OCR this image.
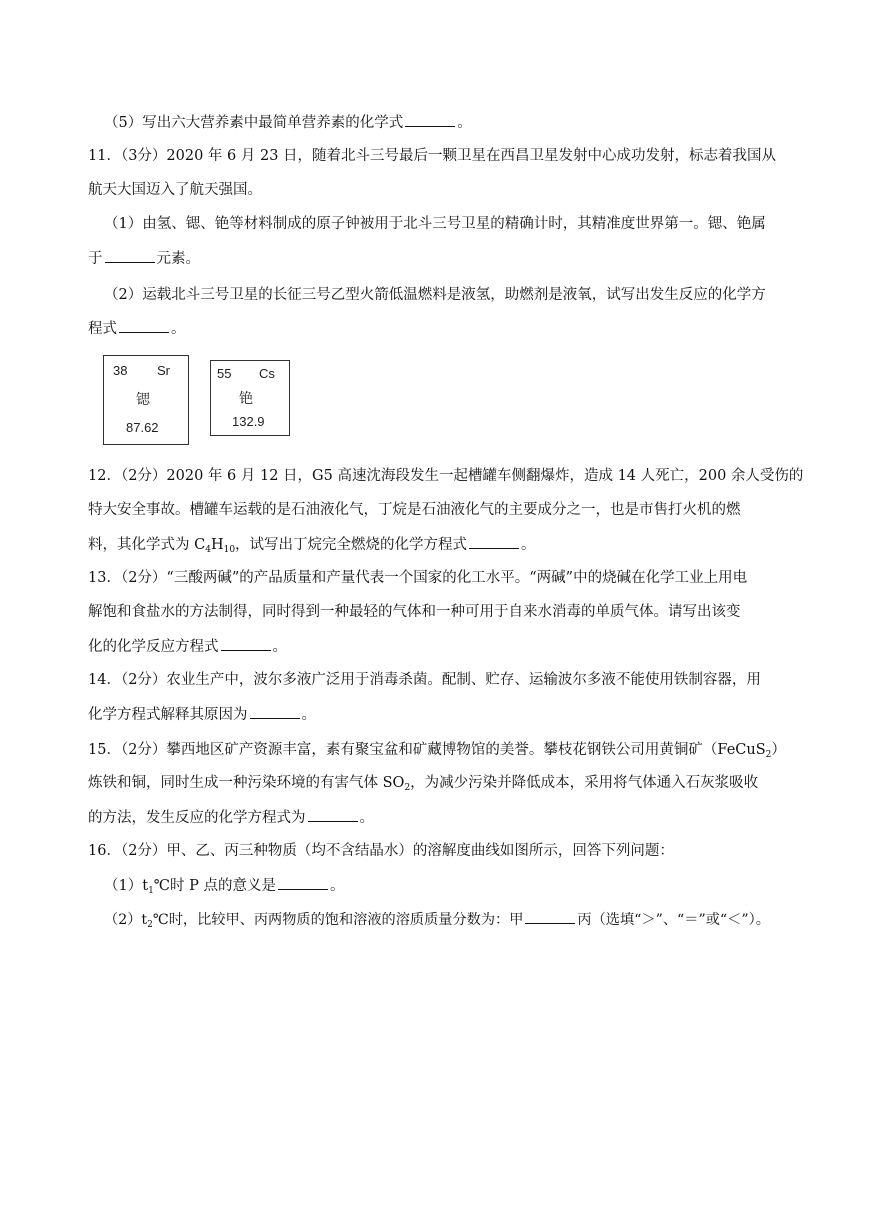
（5）写出六大营养素中最简单营养素的化学式	。
11．（3分）2020 年 6 月 23 日，随着北斗三号最后一颗卫星在西昌卫星发射中心成功发射，标志着我国从
航天大国迈入了航天强国。
（1）由氢、锶、铯等材料制成的原子钟被用于北斗三号卫星的精确计时，其精准度世界第一。锶、铯属
于	元素。
（2）运载北斗三号卫星的长征三号乙型火箭低温燃料是液氢，助燃剂是液氧，试写出发生反应的化学方
程式	。
38 Sr
锶
87.62
55 Cs
铯
132.9
12．（2分）2020 年 6 月 12 日，G5 高速沈海段发生一起槽罐车侧翻爆炸，造成 14 人死亡，200 余人受伤的
特大安全事故。槽罐车运载的是石油液化气，丁烷是石油液化气的主要成分之一，也是市售打火机的燃
料，其化学式为 $C_4H_{10}$，试写出丁烷完全燃烧的化学方程式	。
13．（2分）“三酸两碱”的产品质量和产量代表一个国家的化工水平。“两碱”中的烧碱在化学工业上用电
解饱和食盐水的方法制得，同时得到一种最轻的气体和一种可用于自来水消毒的单质气体。请写出该变
化的化学反应方程式	。
14．（2分）农业生产中，波尔多液广泛用于消毒杀菌。配制、贮存、运输波尔多液不能使用铁制容器，用
化学方程式解释其原因为	。
15．（2分）攀西地区矿产资源丰富，素有聚宝盆和矿藏博物馆的美誉。攀枝花钢铁公司用黄铜矿（FeCuS$_2$）
炼铁和铜，同时生成一种污染环境的有害气体 $SO_2$，为减少污染并降低成本，采用将气体通入石灰浆吸收
的方法，发生反应的化学方程式为	。
16．（2分）甲、乙、丙三种物质（均不含结晶水）的溶解度曲线如图所示，回答下列问题：
$(1)t_1℃$时 P 点的意义是	。
$(2)t_2℃$时，比较甲、丙两物质的饱和溶液的溶质质量分数为：甲	丙（选填“＞”、“＝”或“＜”）。
